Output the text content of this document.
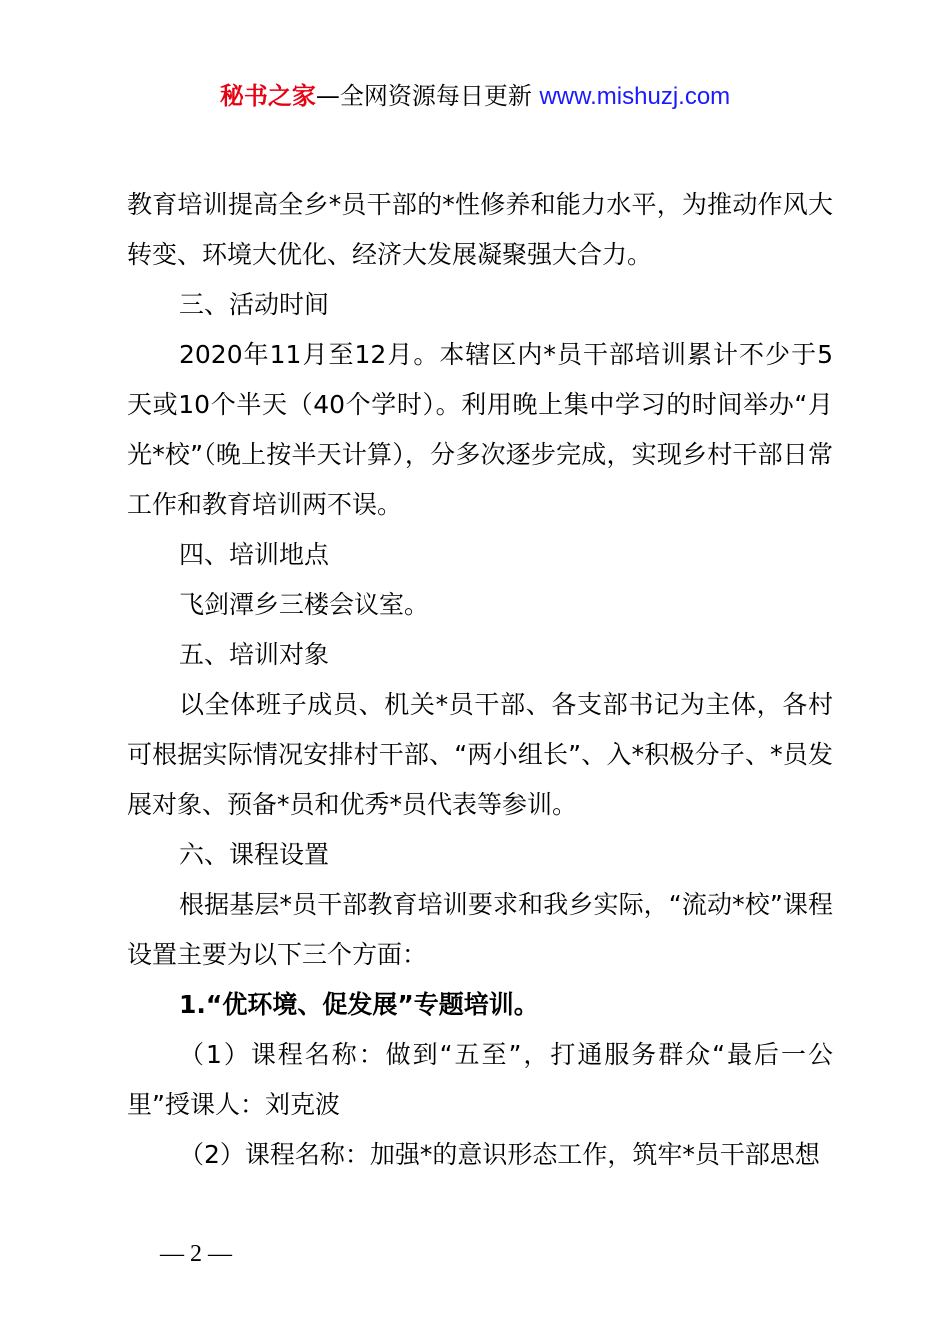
秘书之家—全网资源每日更新 www.mishuzj.com

教育培训提高全乡*员干部的*性修养和能力水平，为推动作风大转变、环境大优化、经济大发展凝聚强大合力。

三、活动时间

2020年11月至12月。本辖区内*员干部培训累计不少于5天或10个半天（40个学时）。利用晚上集中学习的时间举办“月光*校”（晚上按半天计算），分多次逐步完成，实现乡村干部日常工作和教育培训两不误。

四、培训地点

飞剑潭乡三楼会议室。

五、培训对象

以全体班子成员、机关*员干部、各支部书记为主体，各村可根据实际情况安排村干部、“两小组长”、入*积极分子、*员发展对象、预备*员和优秀*员代表等参训。

六、课程设置

根据基层*员干部教育培训要求和我乡实际，“流动*校”课程设置主要为以下三个方面：

1.“优环境、促发展”专题培训。

（1）课程名称：做到“五至”，打通服务群众“最后一公里”授课人：刘克波

（2）课程名称：加强*的意识形态工作，筑牢*员干部思想

— 2 —
